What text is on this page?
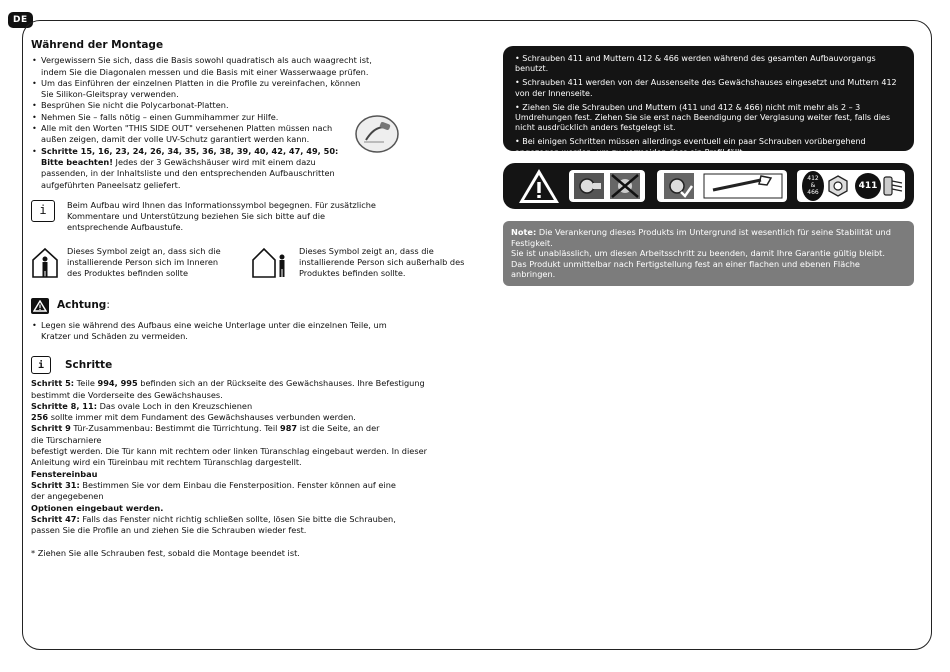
DE
Während der Montage
• Vergewissern Sie sich, dass die Basis sowohl quadratisch als auch waagrecht ist, indem Sie die Diagonalen messen und die Basis mit einer Wasserwaage prüfen.
• Um das Einführen der einzelnen Platten in die Profile zu vereinfachen, können Sie Silikon-Gleitspray verwenden.
• Besprühen Sie nicht die Polycarbonat-Platten.
• Nehmen Sie – falls nötig – einen Gummihammer zur Hilfe.
• Alle mit den Worten "THIS SIDE OUT" versehenen Platten müssen nach außen zeigen, damit der volle UV-Schutz garantiert werden kann.
• Schritte 15, 16, 23, 24, 26, 34, 35, 36, 38, 39, 40, 42, 47, 49, 50:
Bitte beachten! Jedes der 3 Gewächshäuser wird mit einem dazu passenden, in der Inhaltsliste und den entsprechenden Aufbauschritten aufgeführten Paneelsatz geliefert.
i	Beim Aufbau wird Ihnen das Informationssymbol begegnen. Für zusätzliche Kommentare und Unterstützung beziehen Sie sich bitte auf die entsprechende Aufbaustufe.
Dieses Symbol zeigt an, dass sich die installierende Person sich im Inneren des Produktes befinden sollte
Dieses Symbol zeigt an, dass die installierende Person sich außerhalb des Produktes befinden sollte.
Achtung :
• Legen sie während des Aufbaus eine weiche Unterlage unter die einzelnen Teile, um Kratzer und Schäden zu vermeiden.
i	Schritte

Schritt 5: Teile 994, 995 befinden sich an der Rückseite des Gewächshauses. Ihre Befestigung bestimmt die Vorderseite des Gewächshauses.

Schritte 8, 11: Das ovale Loch in den Kreuzschienen

256 sollte immer mit dem Fundament des Gewächshauses verbunden werden.

Schritt 9 Tür-Zusammenbau: Bestimmt die Türrichtung. Teil 987 ist die Seite, an der die Türscharniere

befestigt werden. Die Tür kann mit rechtem oder linken Türanschlag eingebaut werden. In dieser Anleitung wird ein Türeinbau mit rechtem Türanschlag dargestellt.

Fenstereinbau

Schritt 31: Bestimmen Sie vor dem Einbau die Fensterposition. Fenster können auf eine der angegebenen

Optionen eingebaut werden.

Schritt 47: Falls das Fenster nicht richtig schließen sollte, lösen Sie bitte die Schrauben, passen Sie die Profile an und ziehen Sie die Schrauben wieder fest.

* Ziehen Sie alle Schrauben fest, sobald die Montage beendet ist.

• Schrauben 411 and Muttern 412 & 466 werden während des gesamten Aufbauvorgangs benutzt.

• Schrauben 411 werden von der Aussenseite des Gewächshauses eingesetzt und Muttern 412 von der Innenseite.

• Ziehen Sie die Schrauben und Muttern (411 und 412 & 466) nicht mit mehr als 2 – 3 Umdrehungen fest. Ziehen Sie sie erst nach Beendigung der Verglasung weiter fest, falls dies nicht ausdrücklich anders festgelegt ist.

• Bei einigen Schritten müssen allerdings eventuell ein paar Schrauben vorübergehend angezogen werden, um zu vermeiden dass ein Profil fällt.

412
&
466
411
Note: Die Verankerung dieses Produkts im Untergrund ist wesentlich für seine Stabilität und Festigkeit.
Sie ist unablässlich, um diesen Arbeitsschritt zu beenden, damit Ihre Garantie gültig bleibt.
Das Produkt unmittelbar nach Fertigstellung fest an einer flachen und ebenen Fläche anbringen.
